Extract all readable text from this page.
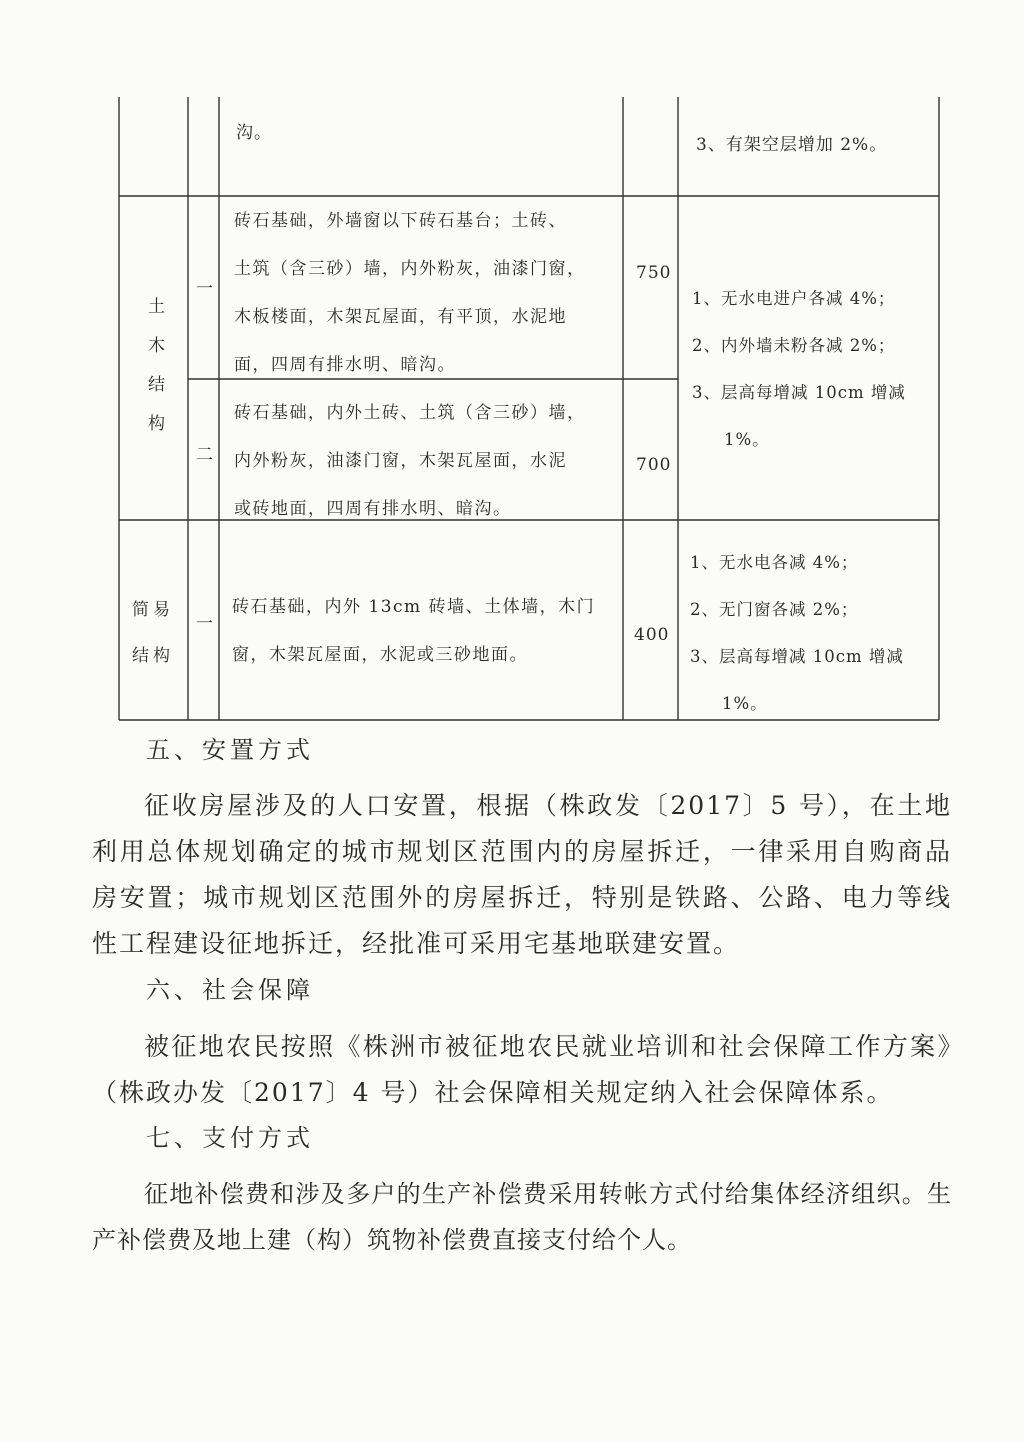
沟。
3、有架空层增加 2%。
土木结构
一
砖石基础，外墙窗以下砖石基台；土砖、
土筑（含三砂）墙，内外粉灰，油漆门窗，
木板楼面，木架瓦屋面，有平顶，水泥地
面，四周有排水明、暗沟。
750
二
砖石基础，内外土砖、土筑（含三砂）墙，
内外粉灰，油漆门窗，木架瓦屋面，水泥
或砖地面，四周有排水明、暗沟。
700
1、无水电进户各减 4%；
2、内外墙未粉各减 2%；
3、层高每增减 10cm 增减
1%。
简易
结构
一
砖石基础，内外 13cm 砖墙、土体墙，木门
窗，木架瓦屋面，水泥或三砂地面。
400
1、无水电各减 4%；
2、无门窗各减 2%；
3、层高每增减 10cm 增减
1%。
五、安置方式
征收房屋涉及的人口安置，根据（株政发〔2017〕5 号），在土地利用总体规划确定的城市规划区范围内的房屋拆迁，一律采用自购商品房安置；城市规划区范围外的房屋拆迁，特别是铁路、公路、电力等线性工程建设征地拆迁，经批准可采用宅基地联建安置。
六、社会保障
被征地农民按照《株洲市被征地农民就业培训和社会保障工作方案》（株政办发〔2017〕4 号）社会保障相关规定纳入社会保障体系。
七、支付方式
征地补偿费和涉及多户的生产补偿费采用转帐方式付给集体经济组织。生产补偿费及地上建（构）筑物补偿费直接支付给个人。
